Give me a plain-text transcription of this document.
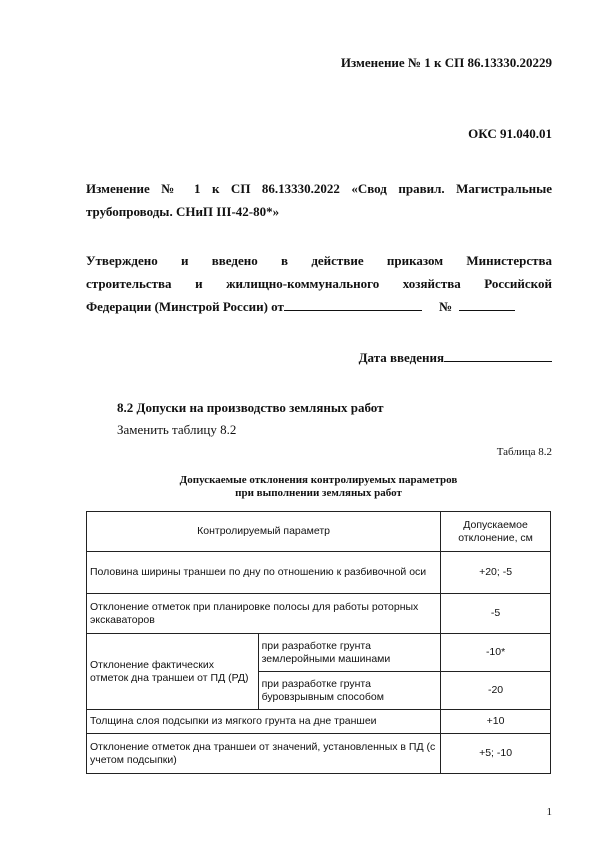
Изменение № 1 к СП 86.13330.20229
ОКС 91.040.01
Изменение № 1 к СП 86.13330.2022 «Свод правил. Магистральные
трубопроводы. СНиП III-42-80*»
Утверждено и введено в действие приказом Министерства
строительства и жилищно-коммунального хозяйства Российской
Федерации (Минстрой России) от	№
Дата введения
8.2 Допуски на производство земляных работ
Заменить таблицу 8.2
Таблица 8.2
Допускаемые отклонения контролируемых параметров
при выполнении земляных работ
Контролируемый параметр		Допускаемое
отклонение, см

Половина ширины траншеи по дну по отношению к разбивочной оси		+20; -5
Отклонение отметок при планировке полосы для работы роторных экскаваторов		-5
Отклонение фактических отметок дна траншеи от ПД (РД)	при разработке грунта землеройными машинами	-10*
	при разработке грунта буровзрывным способом	-20
Толщина слоя подсыпки из мягкого грунта на дне траншеи		+10
Отклонение отметок дна траншеи от значений, установленных в ПД (с учетом подсыпки)		+5; -10
1
